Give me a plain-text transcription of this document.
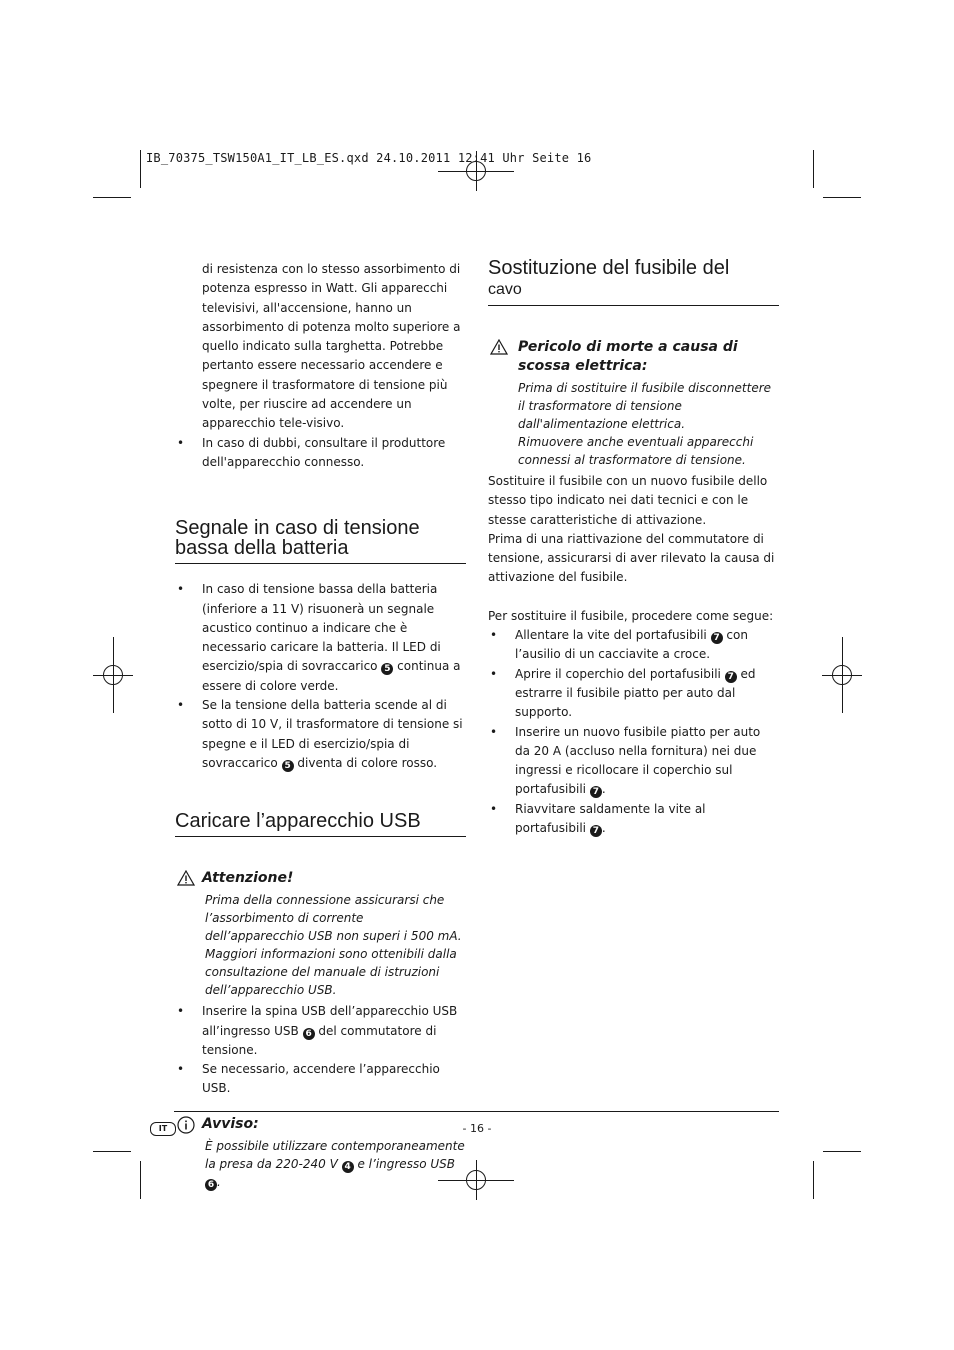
IB_70375_TSW150A1_IT_LB_ES.qxd 24.10.2011 12:41 Uhr Seite 16

di resistenza con lo stesso assorbimento di potenza espresso in Watt. Gli apparecchi televisivi, all'accensione, hanno un assorbimento di potenza molto superiore a quello indicato sulla targhetta. Potrebbe pertanto essere necessario accendere e spegnere il trasformatore di tensione più volte, per riuscire ad accendere un apparecchio tele-visivo.

• In caso di dubbi, consultare il produttore dell'apparecchio connesso.

Segnale in caso di tensione
bassa della batteria

• In caso di tensione bassa della batteria (inferiore a 11 V) risuonerà un segnale acustico continuo a indicare che è necessario caricare la batteria. Il LED di esercizio/spia di sovraccarico 5 continua a essere di colore verde.

• Se la tensione della batteria scende al di sotto di 10 V, il trasformatore di tensione si spegne e il LED di esercizio/spia di sovraccarico 5 diventa di colore rosso.

Caricare l’apparecchio USB
Attenzione!

Prima della connessione assicurarsi che l’assorbimento di corrente dell’apparecchio USB non superi i 500 mA. Maggiori informazioni sono ottenibili dalla consultazione del manuale di istruzioni dell’apparecchio USB.

• Inserire la spina USB dell’apparecchio USB all’ingresso USB 6 del commutatore di tensione.

• Se necessario, accendere l’apparecchio USB.

Avviso:

È possibile utilizzare contemporaneamente la presa da 220-240 V 4 e l’ingresso USB 6 .

Sostituzione del fusibile del
cavo
Pericolo di morte a causa di scossa elettrica:

Prima di sostituire il fusibile disconnettere il trasformatore di tensione dall'alimentazione elettrica.

Rimuovere anche eventuali apparecchi connessi al trasformatore di tensione.

Sostituire il fusibile con un nuovo fusibile dello stesso tipo indicato nei dati tecnici e con le stesse caratteristiche di attivazione.

Prima di una riattivazione del commutatore di tensione, assicurarsi di aver rilevato la causa di attivazione del fusibile.

Per sostituire il fusibile, procedere come segue:

• Allentare la vite del portafusibili 7 con l’ausilio di un cacciavite a croce.

• Aprire il coperchio del portafusibili 7 ed estrarre il fusibile piatto per auto dal supporto.

• Inserire un nuovo fusibile piatto per auto da 20 A (accluso nella fornitura) nei due ingressi e ricollocare il coperchio sul portafusibili 7 .

• Riavvitare saldamente la vite al portafusibili 7 .

IT	- 16 -
